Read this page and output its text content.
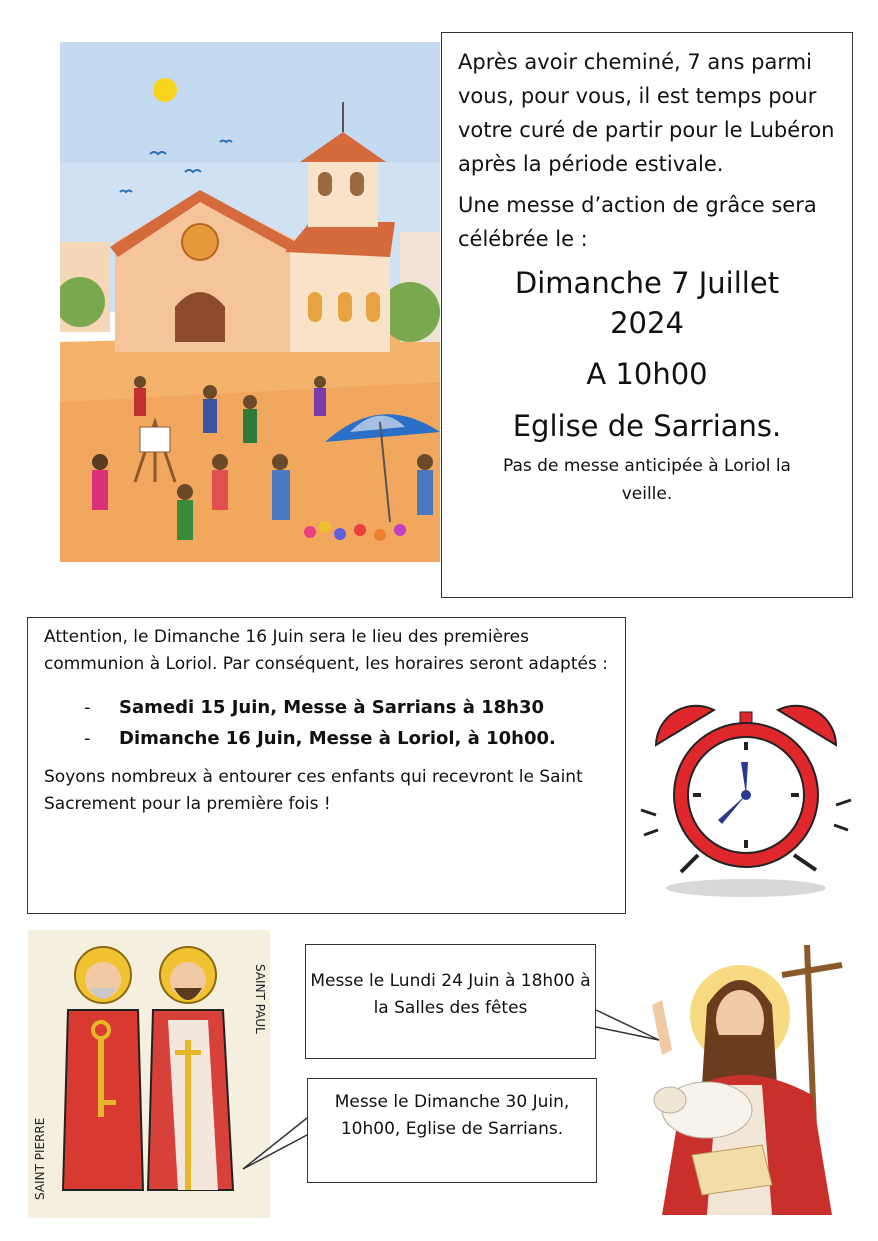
Après avoir cheminé, 7 ans parmi vous, pour vous, il est temps pour votre curé de partir pour le Lubéron après la période estivale.

Une messe d’action de grâce sera célébrée le :

Dimanche 7 Juillet
2024
A 10h00
Eglise de Sarrians.
Pas de messe anticipée à Loriol la veille.

Attention, le Dimanche 16 Juin sera le lieu des premières communion à Loriol. Par conséquent, les horaires seront adaptés :

- Samedi 15 Juin, Messe à Sarrians à 18h30
- Dimanche 16 Juin, Messe à Loriol, à 10h00.

Soyons nombreux à entourer ces enfants qui recevront le Saint Sacrement pour la première fois !

SAINT PIERRE
SAINT PAUL	Messe le Lundi 24 Juin à 18h00 à la Salles des fêtes
Messe le Dimanche 30 Juin, 10h00, Eglise de Sarrians.
